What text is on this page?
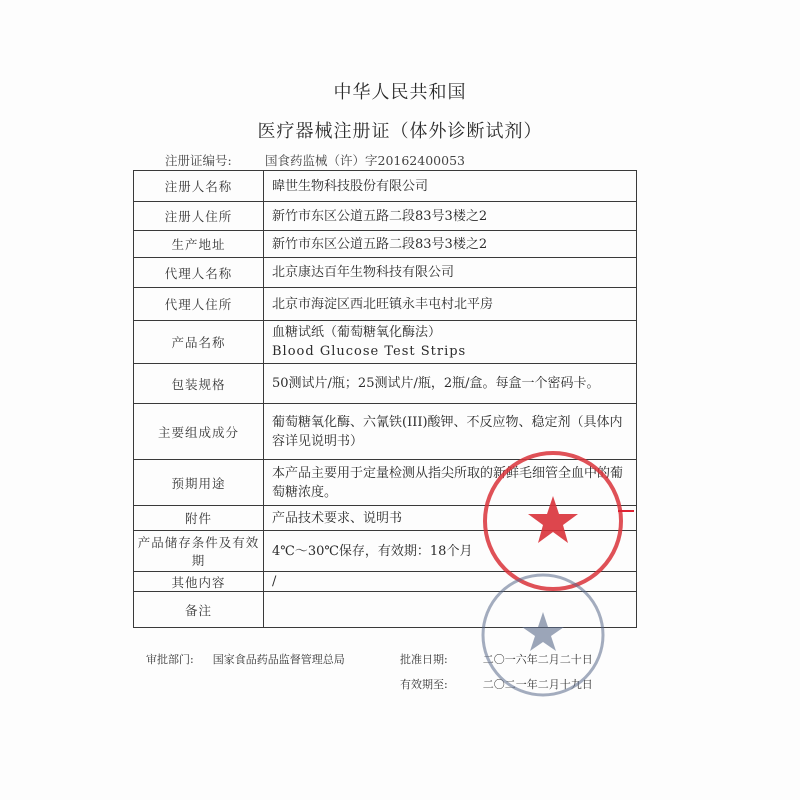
中华人民共和国
医疗器械注册证（体外诊断试剂）
注册证编号:	国食药监械（许）字20162400053
注册人名称	暐世生物科技股份有限公司
注册人住所	新竹市东区公道五路二段83号3楼之2
生产地址	新竹市东区公道五路二段83号3楼之2
代理人名称	北京康达百年生物科技有限公司
代理人住所	北京市海淀区西北旺镇永丰屯村北平房
产品名称	血糖试纸（葡萄糖氧化酶法）
Blood Glucose Test Strips

包装规格	50测试片/瓶；25测试片/瓶，2瓶/盒。每盒一个密码卡。
主要组成成分	葡萄糖氧化酶、六氰铁(III)酸钾、不反应物、稳定剂（具体内容详见说明书）
预期用途	本产品主要用于定量检测从指尖所取的新鲜毛细管全血中的葡萄糖浓度。
附件	产品技术要求、说明书
产品储存条件及有效期	4℃～30℃保存，有效期：18个月
其他内容	/
备注	
审批部门: 国家食品药品监督管理总局	批准日期:	二〇一六年二月二十日
有效期至:	二〇二一年二月十九日
